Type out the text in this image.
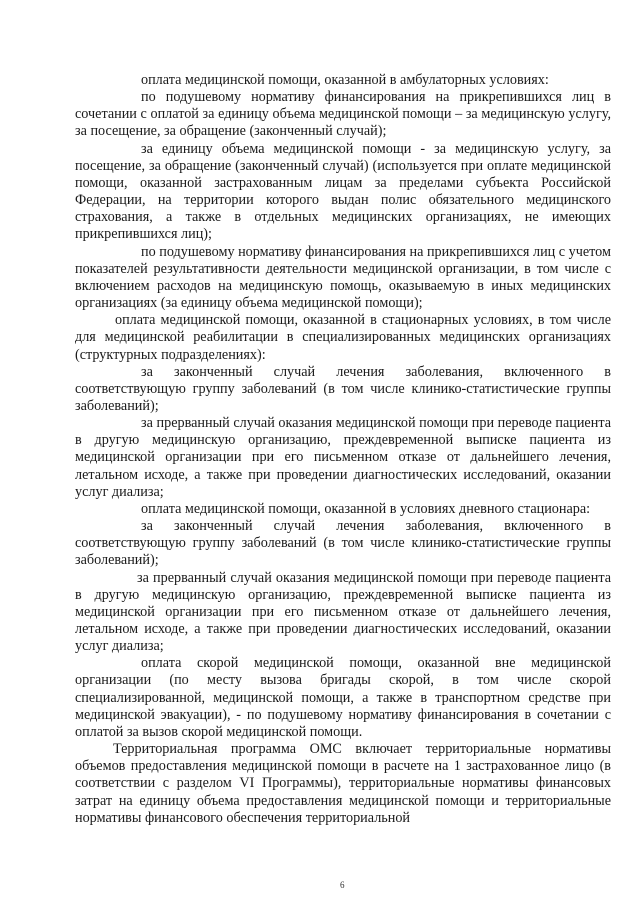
оплата медицинской помощи, оказанной в амбулаторных условиях:

по подушевому нормативу финансирования на прикрепившихся лиц в сочетании с оплатой за единицу объема медицинской помощи – за медицинскую услугу, за посещение, за обращение (законченный случай);

за единицу объема медицинской помощи - за медицинскую услугу, за посещение, за обращение (законченный случай) (используется при оплате медицинской помощи, оказанной застрахованным лицам за пределами субъекта Российской Федерации, на территории которого выдан полис обязательного медицинского страхования, а также в отдельных медицинских организациях, не имеющих прикрепившихся лиц);

по подушевому нормативу финансирования на прикрепившихся лиц с учетом показателей результативности деятельности медицинской организации, в том числе с включением расходов на медицинскую помощь, оказываемую в иных медицинских организациях (за единицу объема медицинской помощи);

оплата медицинской помощи, оказанной в стационарных условиях, в том числе для медицинской реабилитации в специализированных медицинских организациях (структурных подразделениях):

за законченный случай лечения заболевания, включенного в соответствующую группу заболеваний (в том числе клинико-статистические группы заболеваний);

за прерванный случай оказания медицинской помощи при переводе пациента в другую медицинскую организацию, преждевременной выписке пациента из медицинской организации при его письменном отказе от дальнейшего лечения, летальном исходе, а также при проведении диагностических исследований, оказании услуг диализа;

оплата медицинской помощи, оказанной в условиях дневного стационара:

за законченный случай лечения заболевания, включенного в соответствующую группу заболеваний (в том числе клинико-статистические группы заболеваний);

за прерванный случай оказания медицинской помощи при переводе пациента в другую медицинскую организацию, преждевременной выписке пациента из медицинской организации при его письменном отказе от дальнейшего лечения, летальном исходе, а также при проведении диагностических исследований, оказании услуг диализа;

оплата скорой медицинской помощи, оказанной вне медицинской организации (по месту вызова бригады скорой, в том числе скорой специализированной, медицинской помощи, а также в транспортном средстве при медицинской эвакуации), - по подушевому нормативу финансирования в сочетании с оплатой за вызов скорой медицинской помощи.

Территориальная программа ОМС включает территориальные нормативы объемов предоставления медицинской помощи в расчете на 1 застрахованное лицо (в соответствии с разделом VI Программы), территориальные нормативы финансовых затрат на единицу объема предоставления медицинской помощи и территориальные нормативы финансового обеспечения территориальной

6
